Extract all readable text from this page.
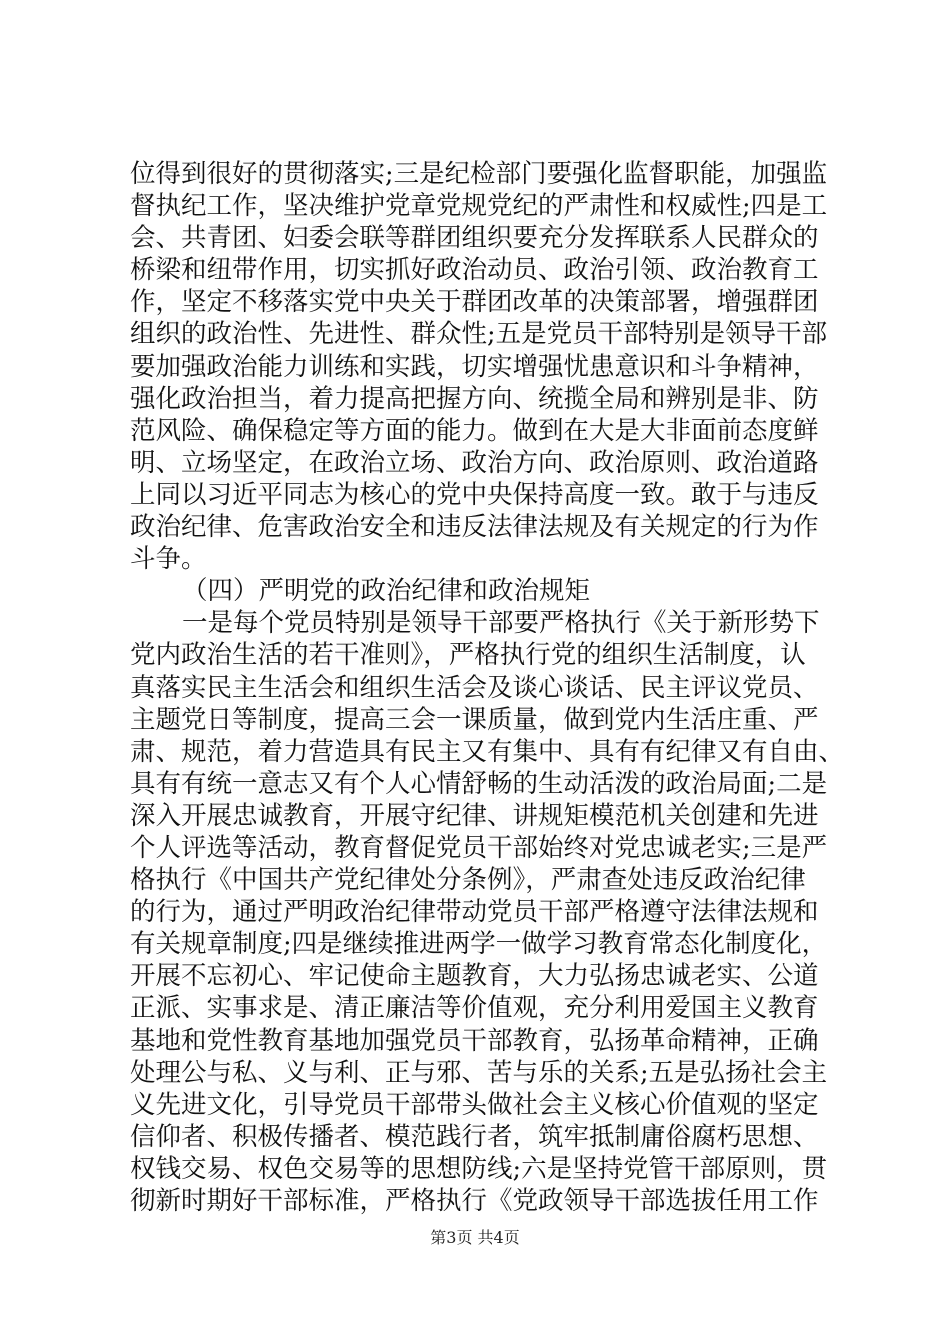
位得到很好的贯彻落实;三是纪检部门要强化监督职能，加强监
督执纪工作，坚决维护党章党规党纪的严肃性和权威性;四是工
会、共青团、妇委会联等群团组织要充分发挥联系人民群众的
桥梁和纽带作用，切实抓好政治动员、政治引领、政治教育工
作，坚定不移落实党中央关于群团改革的决策部署，增强群团
组织的政治性、先进性、群众性;五是党员干部特别是领导干部
要加强政治能力训练和实践，切实增强忧患意识和斗争精神，
强化政治担当，着力提高把握方向、统揽全局和辨别是非、防
范风险、确保稳定等方面的能力。做到在大是大非面前态度鲜
明、立场坚定，在政治立场、政治方向、政治原则、政治道路
上同以习近平同志为核心的党中央保持高度一致。敢于与违反
政治纪律、危害政治安全和违反法律法规及有关规定的行为作
斗争。
（四）严明党的政治纪律和政治规矩
一是每个党员特别是领导干部要严格执行《关于新形势下
党内政治生活的若干准则》，严格执行党的组织生活制度，认
真落实民主生活会和组织生活会及谈心谈话、民主评议党员、
主题党日等制度，提高三会一课质量，做到党内生活庄重、严
肃、规范，着力营造具有民主又有集中、具有有纪律又有自由、
具有有统一意志又有个人心情舒畅的生动活泼的政治局面;二是
深入开展忠诚教育，开展守纪律、讲规矩模范机关创建和先进
个人评选等活动，教育督促党员干部始终对党忠诚老实;三是严
格执行《中国共产党纪律处分条例》，严肃查处违反政治纪律
的行为，通过严明政治纪律带动党员干部严格遵守法律法规和
有关规章制度;四是继续推进两学一做学习教育常态化制度化，
开展不忘初心、牢记使命主题教育，大力弘扬忠诚老实、公道
正派、实事求是、清正廉洁等价值观，充分利用爱国主义教育
基地和党性教育基地加强党员干部教育，弘扬革命精神，正确
处理公与私、义与利、正与邪、苦与乐的关系;五是弘扬社会主
义先进文化，引导党员干部带头做社会主义核心价值观的坚定
信仰者、积极传播者、模范践行者，筑牢抵制庸俗腐朽思想、
权钱交易、权色交易等的思想防线;六是坚持党管干部原则，贯
彻新时期好干部标准，严格执行《党政领导干部选拔任用工作
第3页 共4页
